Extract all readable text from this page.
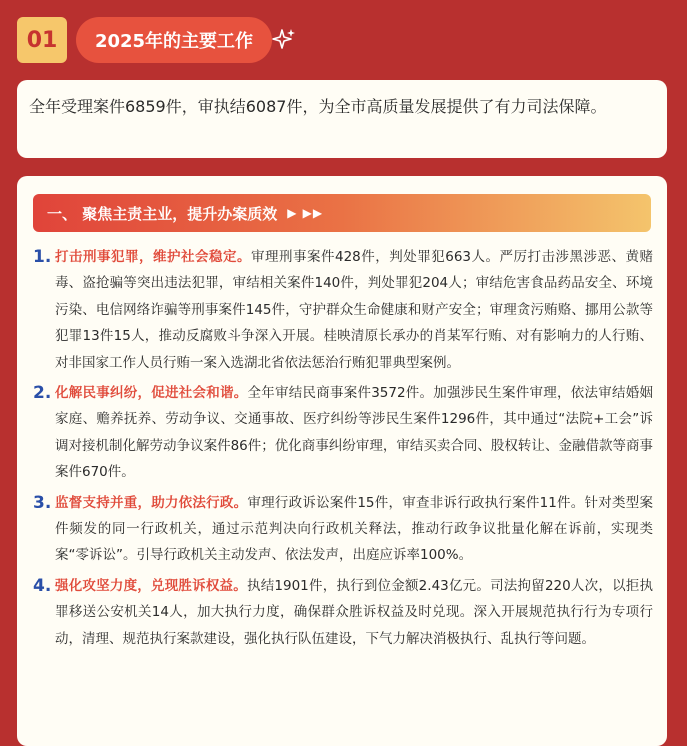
01	2025年的主要工作
全年受理案件6859件，审执结6087件，为全市高质量发展提供了有力司法保障。
一、 聚焦主责主业，提升办案质效 ▶ ▶▶
1. 打击刑事犯罪，维护社会稳定。审理刑事案件428件，判处罪犯663人。严厉打击涉黑涉恶、黄赌毒、盗抢骗等突出违法犯罪，审结相关案件140件，判处罪犯204人；审结危害食品药品安全、环境污染、电信网络诈骗等刑事案件145件，守护群众生命健康和财产安全；审理贪污贿赂、挪用公款等犯罪13件15人，推动反腐败斗争深入开展。桂映清原长承办的肖某军行贿、对有影响力的人行贿、对非国家工作人员行贿一案入选湖北省依法惩治行贿犯罪典型案例。
2. 化解民事纠纷，促进社会和谐。全年审结民商事案件3572件。加强涉民生案件审理，依法审结婚姻家庭、赡养抚养、劳动争议、交通事故、医疗纠纷等涉民生案件1296件，其中通过“法院+工会”诉调对接机制化解劳动争议案件86件；优化商事纠纷审理，审结买卖合同、股权转让、金融借款等商事案件670件。
3. 监督支持并重，助力依法行政。审理行政诉讼案件15件，审查非诉行政执行案件11件。针对类型案件频发的同一行政机关，通过示范判决向行政机关释法，推动行政争议批量化解在诉前，实现类案“零诉讼”。引导行政机关主动发声、依法发声，出庭应诉率100%。
4. 强化攻坚力度，兑现胜诉权益。执结1901件，执行到位金额2.43亿元。司法拘留220人次，以拒执罪移送公安机关14人，加大执行力度，确保群众胜诉权益及时兑现。深入开展规范执行行为专项行动，清理、规范执行案款建设，强化执行队伍建设，下气力解决消极执行、乱执行等问题。
